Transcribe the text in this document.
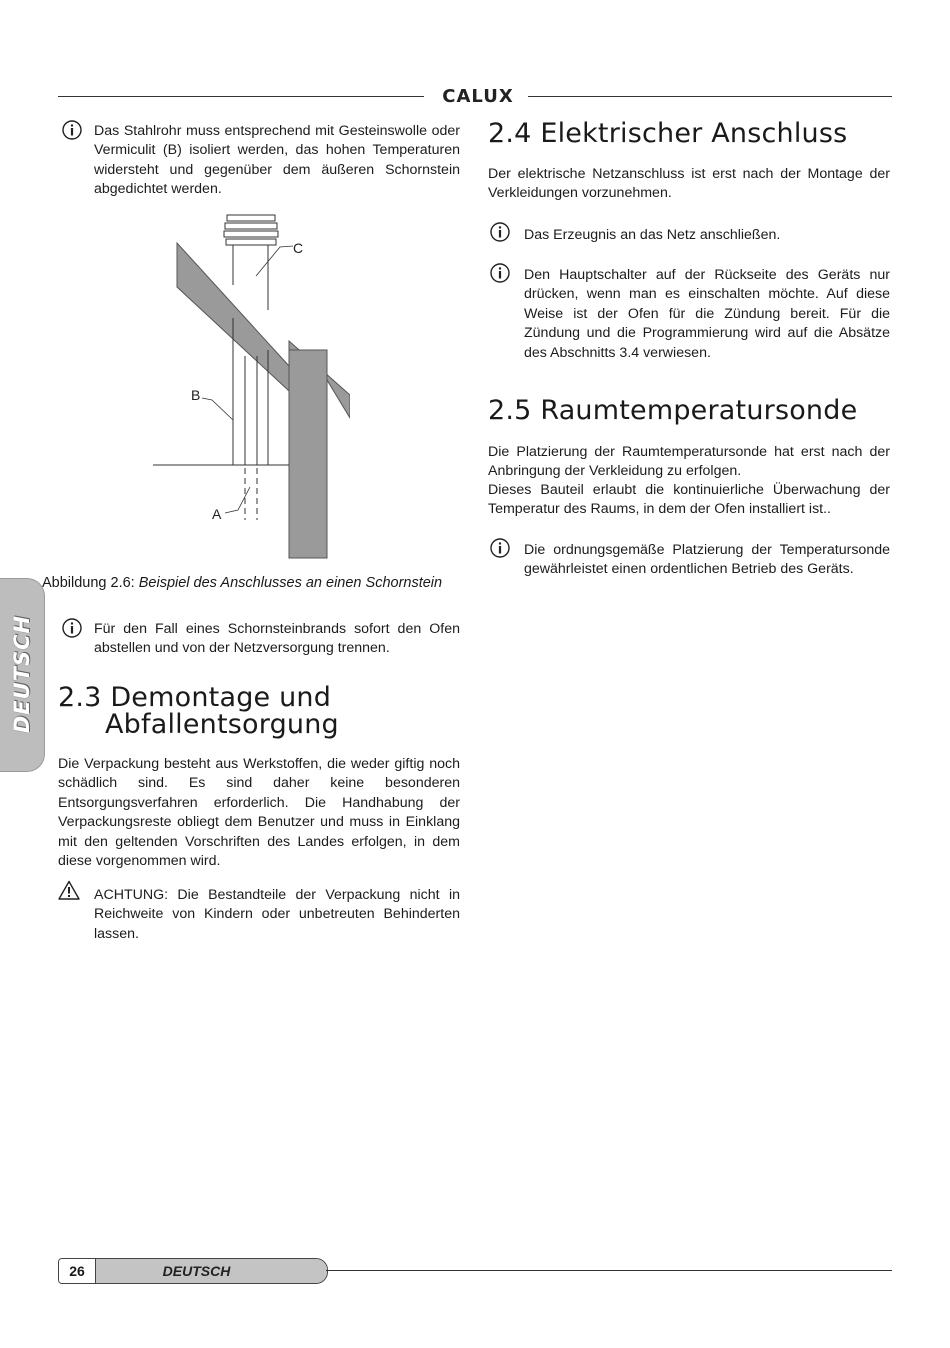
CALUX
Das Stahlrohr muss entsprechend mit Gesteinswolle oder Vermiculit (B) isoliert werden, das hohen Temperaturen widersteht und gegenüber dem äußeren Schornstein abgedichtet werden.
C
B
A
Abbildung 2.6: Beispiel des Anschlusses an einen Schornstein
Für den Fall eines Schornsteinbrands sofort den Ofen abstellen und von der Netzversorgung trennen.
2.3 Demontage und
Abfallentsorgung
Die Verpackung besteht aus Werkstoffen, die weder giftig noch schädlich sind. Es sind daher keine besonderen Entsorgungsverfahren erforderlich. Die Handhabung der Verpackungsreste obliegt dem Benutzer und muss in Einklang mit den geltenden Vorschriften des Landes erfolgen, in dem diese vorgenommen wird.
ACHTUNG: Die Bestandteile der Verpackung nicht in Reichweite von Kindern oder unbetreuten Behinderten lassen.
2.4 Elektrischer Anschluss
Der elektrische Netzanschluss ist erst nach der Montage der Verkleidungen vorzunehmen.
Das Erzeugnis an das Netz anschließen.
Den Hauptschalter auf der Rückseite des Geräts nur drücken, wenn man es einschalten möchte. Auf diese Weise ist der Ofen für die Zündung bereit. Für die Zündung und die Programmierung wird auf die Absätze des Abschnitts 3.4 verwiesen.
2.5 Raumtemperatursonde
Die Platzierung der Raumtemperatursonde hat erst nach der Anbringung der Verkleidung zu erfolgen.
Dieses Bauteil erlaubt die kontinuierliche Überwachung der Temperatur des Raums, in dem der Ofen installiert ist..
Die ordnungsgemäße Platzierung der Temperatursonde gewährleistet einen ordentlichen Betrieb des Geräts.
DEUTSCH
26	DEUTSCH
